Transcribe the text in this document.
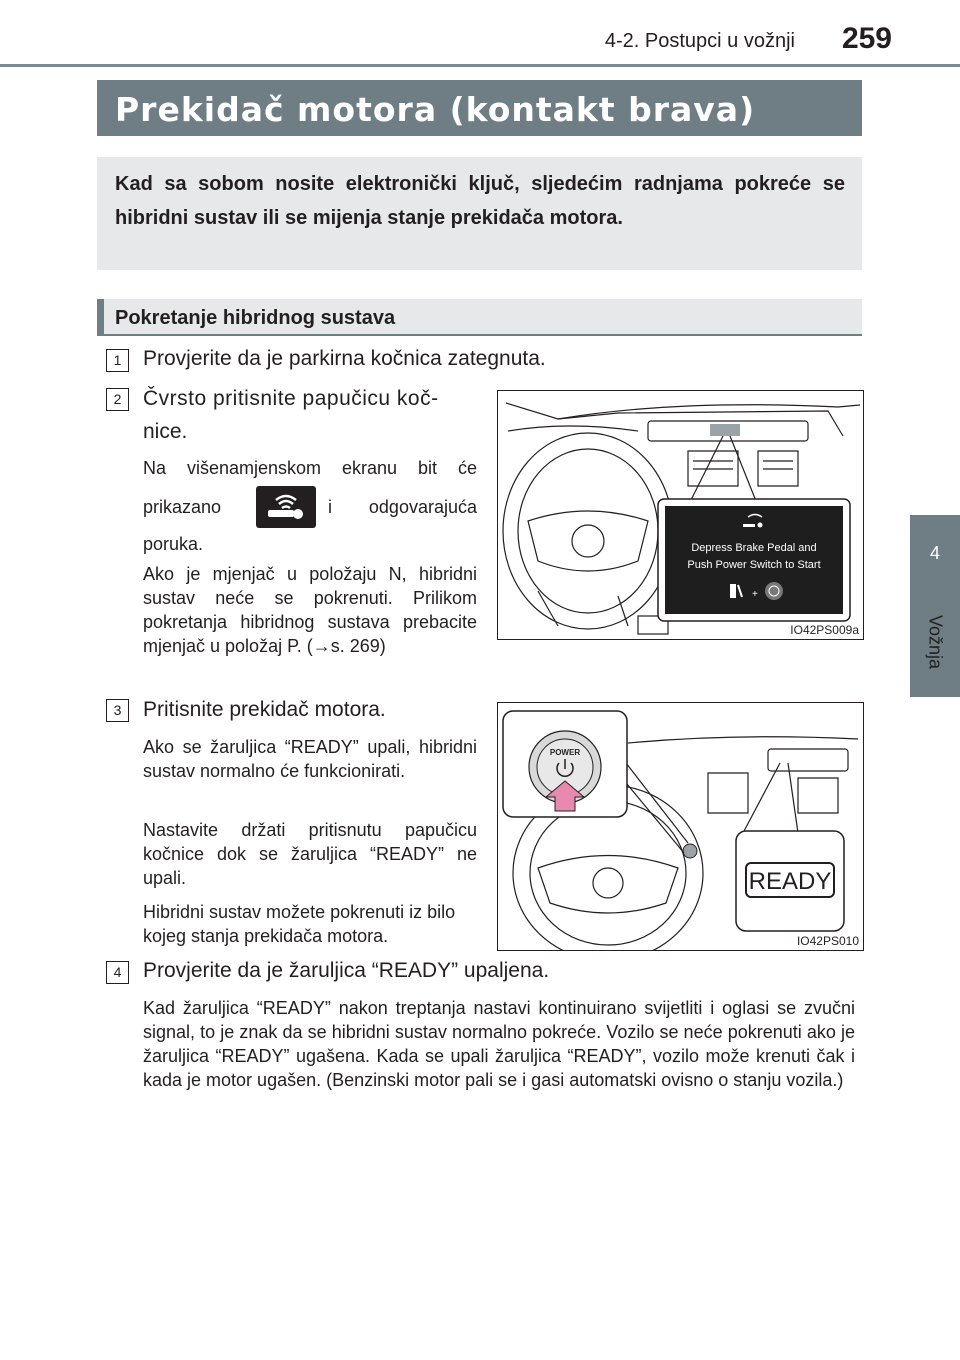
4-2. Postupci u vožnji	259
4
Vožnja
Prekidač motora (kontakt brava)

Kad sa sobom nosite elektronički ključ, sljedećim radnjama pokreće se hibridni sustav ili se mijenja stanje prekidača motora.

Pokretanje hibridnog sustava
1	Provjerite da je parkirna kočnica zategnuta.
2	Čvrsto pritisnite papučicu koč-
nice.
Na višenamjenskom ekranu bit će
prikazano	i odgovarajuća
poruka.
Ako je mjenjač u položaju N, hibridni sustav neće se pokrenuti. Prilikom pokretanja hibridnog sustava prebacite mjenjač u položaj P. (→s. 269)
Depress Brake Pedal and
Push Power Switch to Start
+
IO42PS009a
3	Pritisnite prekidač motora.
Ako se žaruljica “READY” upali, hibridni sustav normalno će funkcionirati.
Nastavite držati pritisnutu papučicu kočnice dok se žaruljica “READY” ne upali.
Hibridni sustav možete pokrenuti iz bilo kojeg stanja prekidača motora.
POWER
READY
IO42PS010
4	Provjerite da je žaruljica “READY” upaljena.
Kad žaruljica “READY” nakon treptanja nastavi kontinuirano svijetliti i oglasi se zvučni signal, to je znak da se hibridni sustav normalno pokreće. Vozilo se neće pokrenuti ako je žaruljica “READY” ugašena. Kada se upali žaruljica “READY”, vozilo može krenuti čak i kada je motor ugašen. (Benzinski motor pali se i gasi automatski ovisno o stanju vozila.)
